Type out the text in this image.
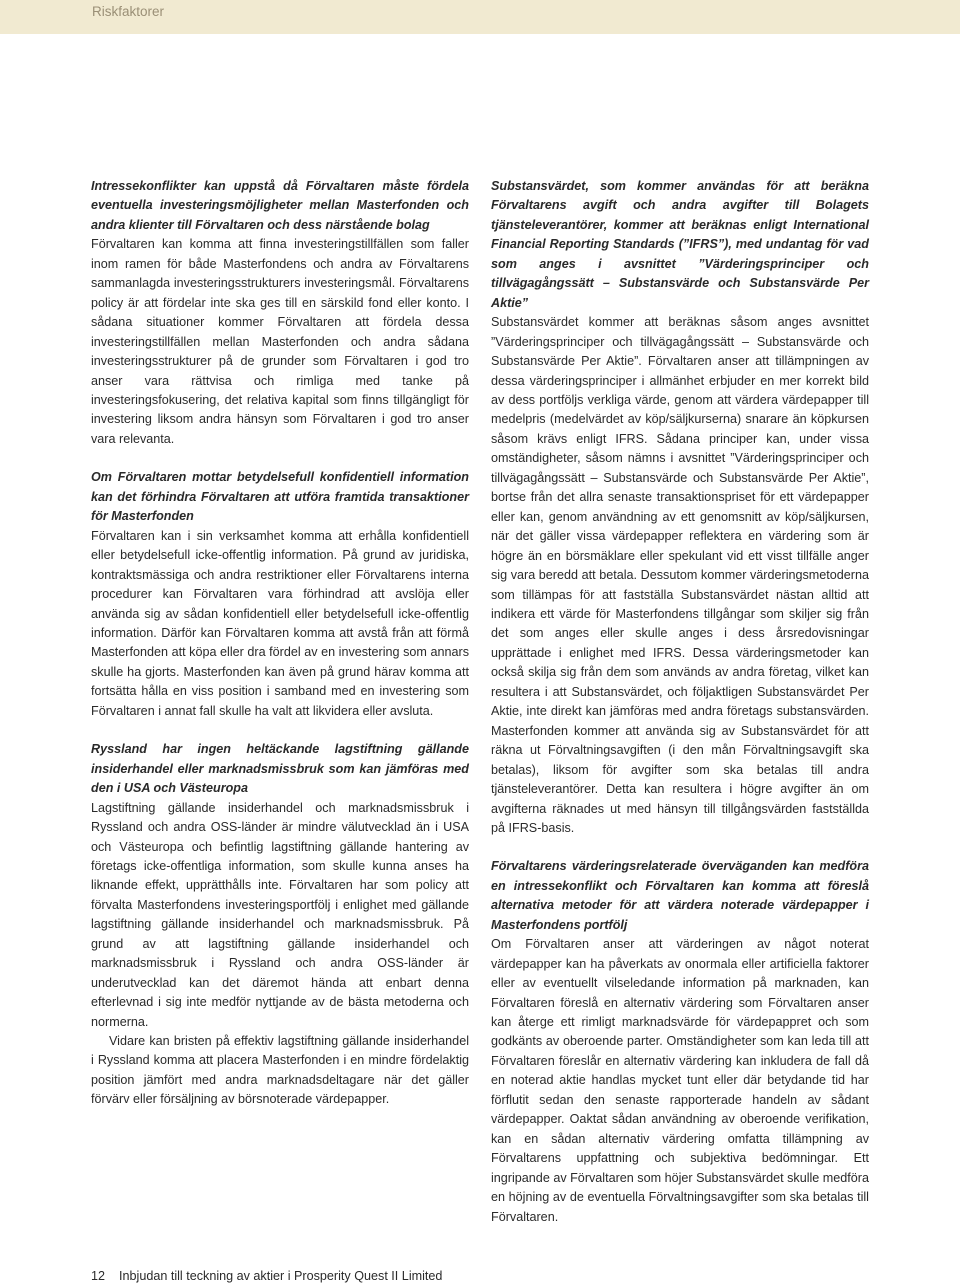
Riskfaktorer

Intressekonflikter kan uppstå då Förvaltaren måste fördela eventuella investeringsmöjligheter mellan Masterfonden och andra klienter till Förvaltaren och dess närstående bolag

Förvaltaren kan komma att finna investeringstillfällen som faller inom ramen för både Masterfondens och andra av Förvaltarens sammanlagda investeringsstrukturers investeringsmål. Förvaltarens policy är att fördelar inte ska ges till en särskild fond eller konto. I sådana situationer kommer Förvaltaren att fördela dessa investeringstillfällen mellan Masterfonden och andra sådana investeringsstrukturer på de grunder som Förvaltaren i god tro anser vara rättvisa och rimliga med tanke på investeringsfokusering, det relativa kapital som finns tillgängligt för investering liksom andra hänsyn som Förvaltaren i god tro anser vara relevanta.

Om Förvaltaren mottar betydelsefull konfidentiell information kan det förhindra Förvaltaren att utföra framtida transaktioner för Masterfonden

Förvaltaren kan i sin verksamhet komma att erhålla konfidentiell eller betydelsefull icke-offentlig information. På grund av juridiska, kontraktsmässiga och andra restriktioner eller Förvaltarens interna procedurer kan Förvaltaren vara förhindrad att avslöja eller använda sig av sådan konfidentiell eller betydelsefull icke-offentlig information. Därför kan Förvaltaren komma att avstå från att förmå Masterfonden att köpa eller dra fördel av en investering som annars skulle ha gjorts. Masterfonden kan även på grund härav komma att fortsätta hålla en viss position i samband med en investering som Förvaltaren i annat fall skulle ha valt att likvidera eller avsluta.

Ryssland har ingen heltäckande lagstiftning gällande insiderhandel eller marknadsmissbruk som kan jämföras med den i USA och Västeuropa

Lagstiftning gällande insiderhandel och marknadsmissbruk i Ryssland och andra OSS-länder är mindre välutvecklad än i USA och Västeuropa och befintlig lagstiftning gällande hantering av företags icke-offentliga information, som skulle kunna anses ha liknande effekt, upprätthålls inte. Förvaltaren har som policy att förvalta Masterfondens investeringsportfölj i enlighet med gällande lagstiftning gällande insiderhandel och marknadsmissbruk. På grund av att lagstiftning gällande insiderhandel och marknadsmissbruk i Ryssland och andra OSS-länder är underutvecklad kan det däremot hända att enbart denna efterlevnad i sig inte medför nyttjande av de bästa metoderna och normerna.

Vidare kan bristen på effektiv lagstiftning gällande insiderhandel i Ryssland komma att placera Masterfonden i en mindre fördelaktig position jämfört med andra marknadsdeltagare när det gäller förvärv eller försäljning av börsnoterade värdepapper.

Substansvärdet, som kommer användas för att beräkna Förvaltarens avgift och andra avgifter till Bolagets tjänsteleverantörer, kommer att beräknas enligt International Financial Reporting Standards (”IFRS”), med undantag för vad som anges i avsnittet ”Värderingsprinciper och tillvägagångssätt – Substansvärde och Substansvärde Per Aktie”

Substansvärdet kommer att beräknas såsom anges avsnittet ”Värderingsprinciper och tillvägagångssätt – Substansvärde och Substansvärde Per Aktie”. Förvaltaren anser att tillämpningen av dessa värderingsprinciper i allmänhet erbjuder en mer korrekt bild av dess portföljs verkliga värde, genom att värdera värdepapper till medelpris (medelvärdet av köp/säljkurserna) snarare än köpkursen såsom krävs enligt IFRS. Sådana principer kan, under vissa omständigheter, såsom nämns i avsnittet ”Värderingsprinciper och tillvägagångssätt – Substansvärde och Substansvärde Per Aktie”, bortse från det allra senaste transaktionspriset för ett värdepapper eller kan, genom användning av ett genomsnitt av köp/säljkursen, när det gäller vissa värdepapper reflektera en värdering som är högre än en börsmäklare eller spekulant vid ett visst tillfälle anger sig vara beredd att betala. Dessutom kommer värderingsmetoderna som tillämpas för att fastställa Substansvärdet nästan alltid att indikera ett värde för Masterfondens tillgångar som skiljer sig från det som anges eller skulle anges i dess årsredovisningar upprättade i enlighet med IFRS. Dessa värderingsmetoder kan också skilja sig från dem som används av andra företag, vilket kan resultera i att Substansvärdet, och följaktligen Substansvärdet Per Aktie, inte direkt kan jämföras med andra företags substansvärden. Masterfonden kommer att använda sig av Substansvärdet för att räkna ut Förvaltningsavgiften (i den mån Förvaltningsavgift ska betalas), liksom för avgifter som ska betalas till andra tjänsteleverantörer. Detta kan resultera i högre avgifter än om avgifterna räknades ut med hänsyn till tillgångsvärden fastställda på IFRS-basis.

Förvaltarens värderingsrelaterade överväganden kan medföra en intressekonflikt och Förvaltaren kan komma att föreslå alternativa metoder för att värdera noterade värdepapper i Masterfondens portfölj

Om Förvaltaren anser att värderingen av något noterat värdepapper kan ha påverkats av onormala eller artificiella faktorer eller av eventuellt vilseledande information på marknaden, kan Förvaltaren föreslå en alternativ värdering som Förvaltaren anser kan återge ett rimligt marknadsvärde för värdepappret och som godkänts av oberoende parter. Omständigheter som kan leda till att Förvaltaren föreslår en alternativ värdering kan inkludera de fall då en noterad aktie handlas mycket tunt eller där betydande tid har förflutit sedan den senaste rapporterade handeln av sådant värdepapper. Oaktat sådan användning av oberoende verifikation, kan en sådan alternativ värdering omfatta tillämpning av Förvaltarens uppfattning och subjektiva bedömningar. Ett ingripande av Förvaltaren som höjer Substansvärdet skulle medföra en höjning av de eventuella Förvaltningsavgifter som ska betalas till Förvaltaren.

12 Inbjudan till teckning av aktier i Prosperity Quest II Limited
